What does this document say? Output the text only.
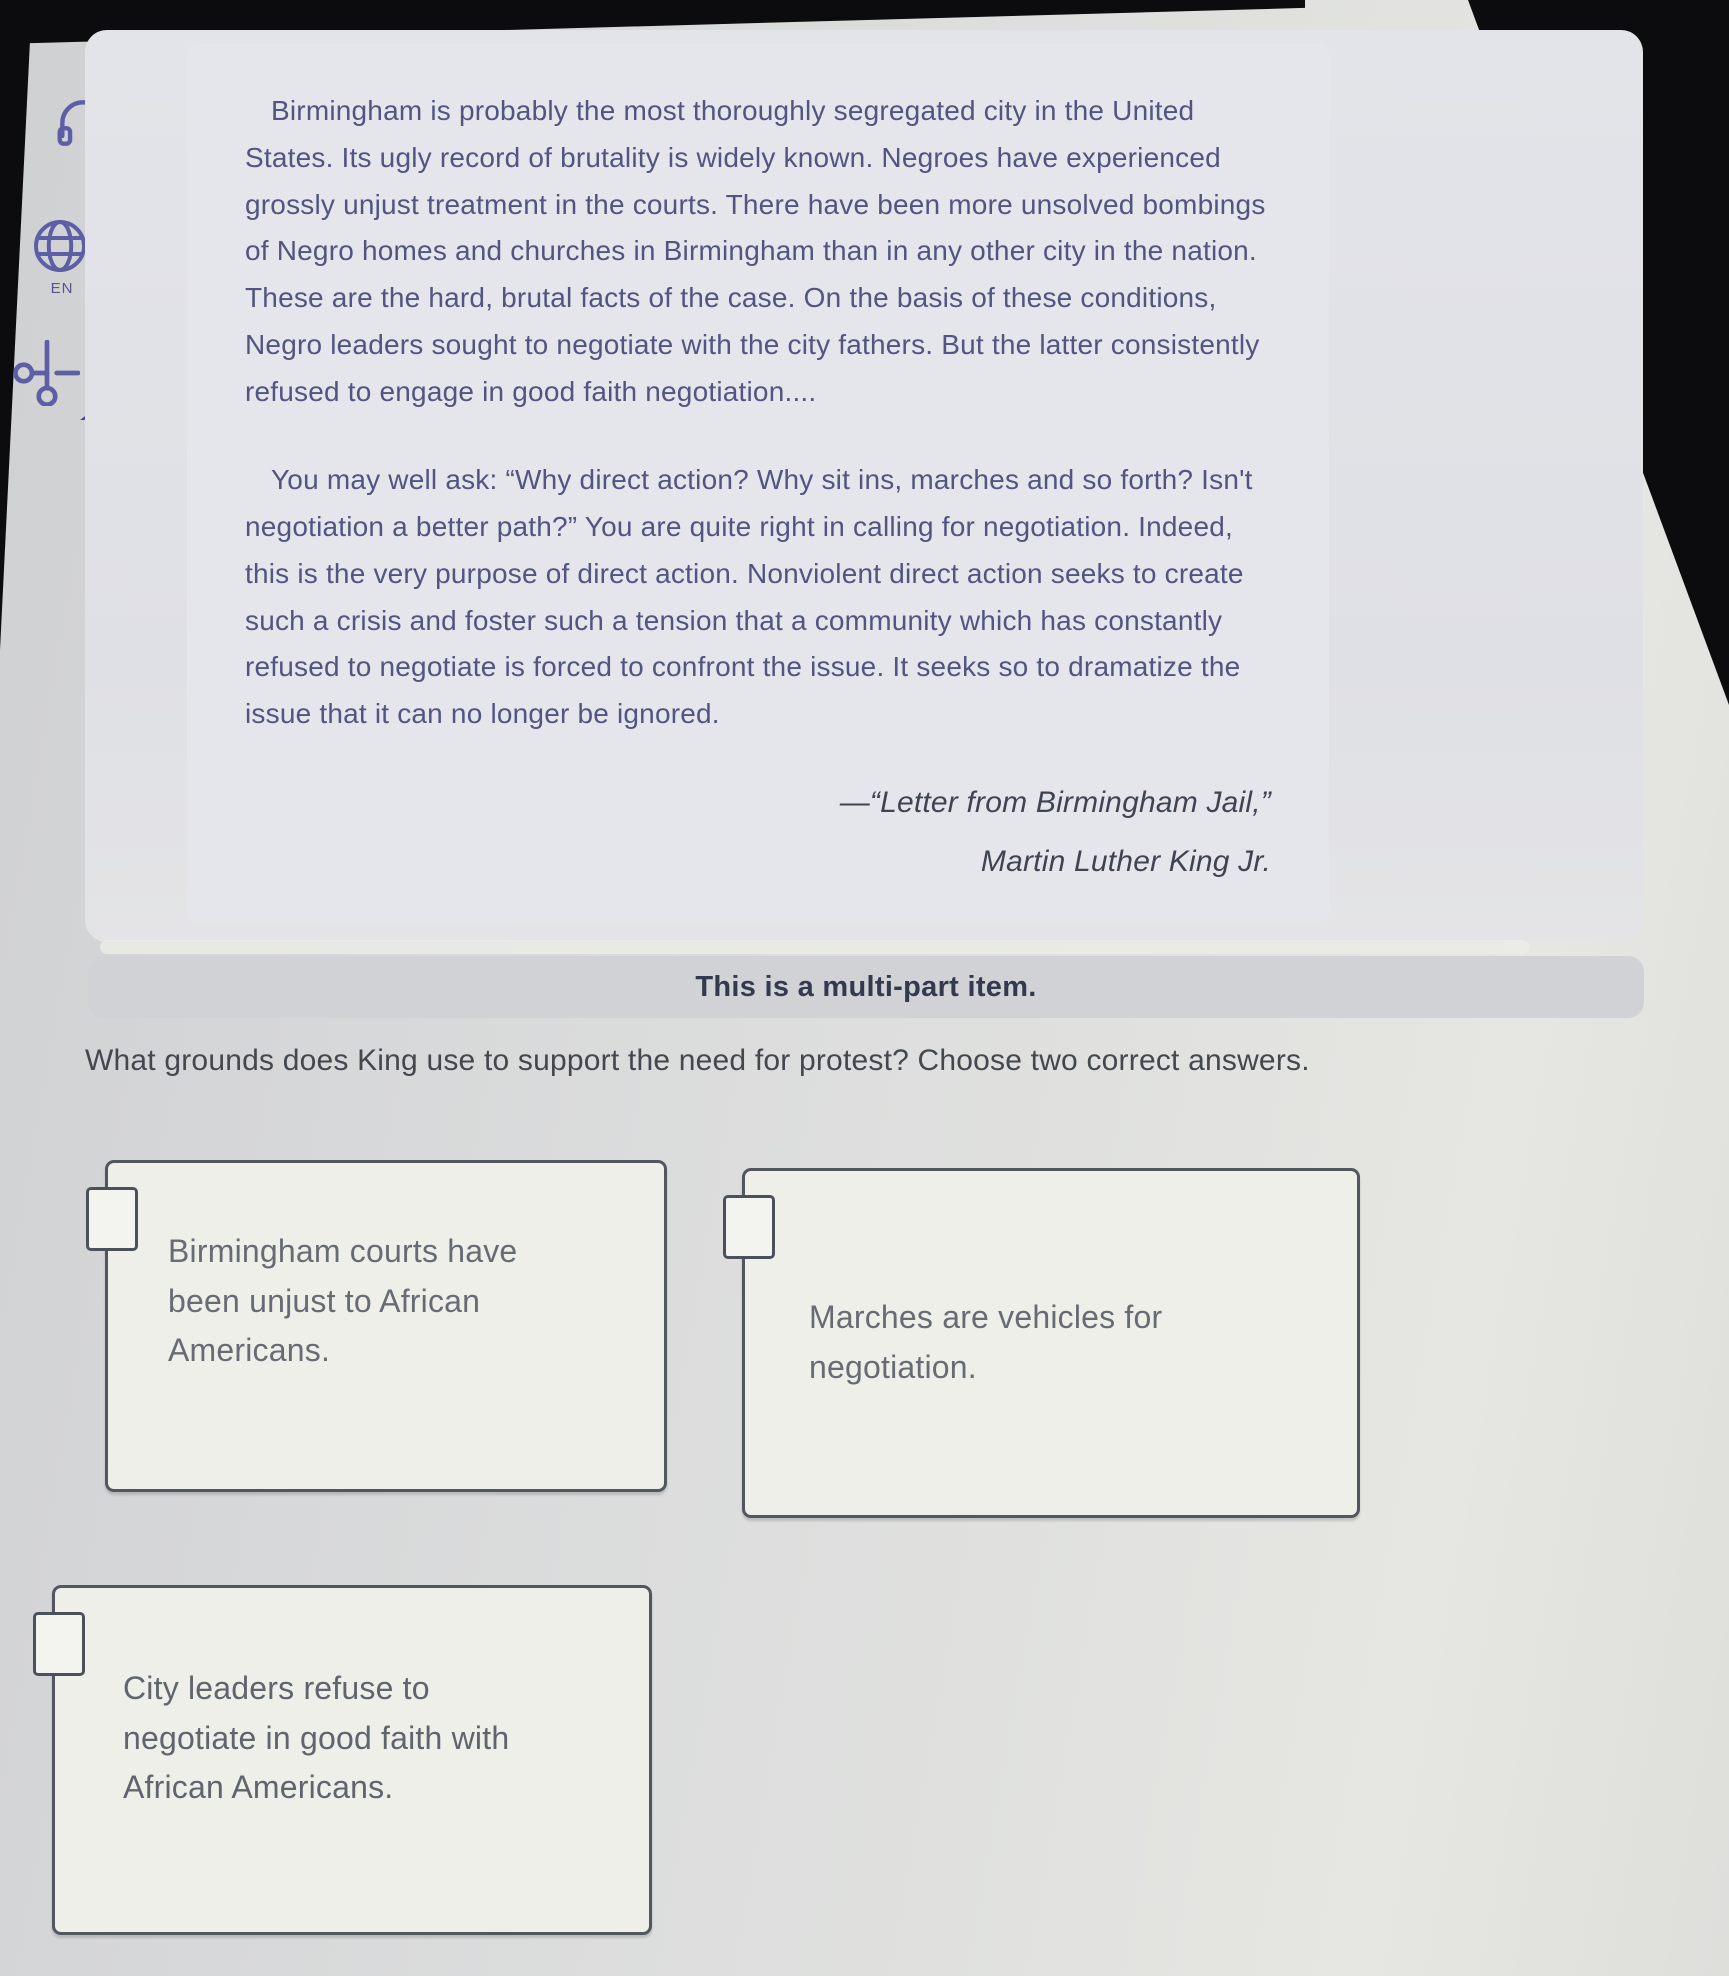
EN

Birmingham is probably the most thoroughly segregated city in the United States. Its ugly record of brutality is widely known. Negroes have experienced grossly unjust treatment in the courts. There have been more unsolved bombings of Negro homes and churches in Birmingham than in any other city in the nation. These are the hard, brutal facts of the case. On the basis of these conditions, Negro leaders sought to negotiate with the city fathers. But the latter consistently refused to engage in good faith negotiation....

You may well ask: “Why direct action? Why sit ins, marches and so forth? Isn't negotiation a better path?” You are quite right in calling for negotiation. Indeed, this is the very purpose of direct action. Nonviolent direct action seeks to create such a crisis and foster such a tension that a community which has constantly refused to negotiate is forced to confront the issue. It seeks so to dramatize the issue that it can no longer be ignored.

—“Letter from Birmingham Jail,”

Martin Luther King Jr.

This is a multi-part item.
What grounds does King use to support the need for protest? Choose two correct answers.

Birmingham courts have been unjust to African Americans.

Marches are vehicles for negotiation.

City leaders refuse to negotiate in good faith with African Americans.
